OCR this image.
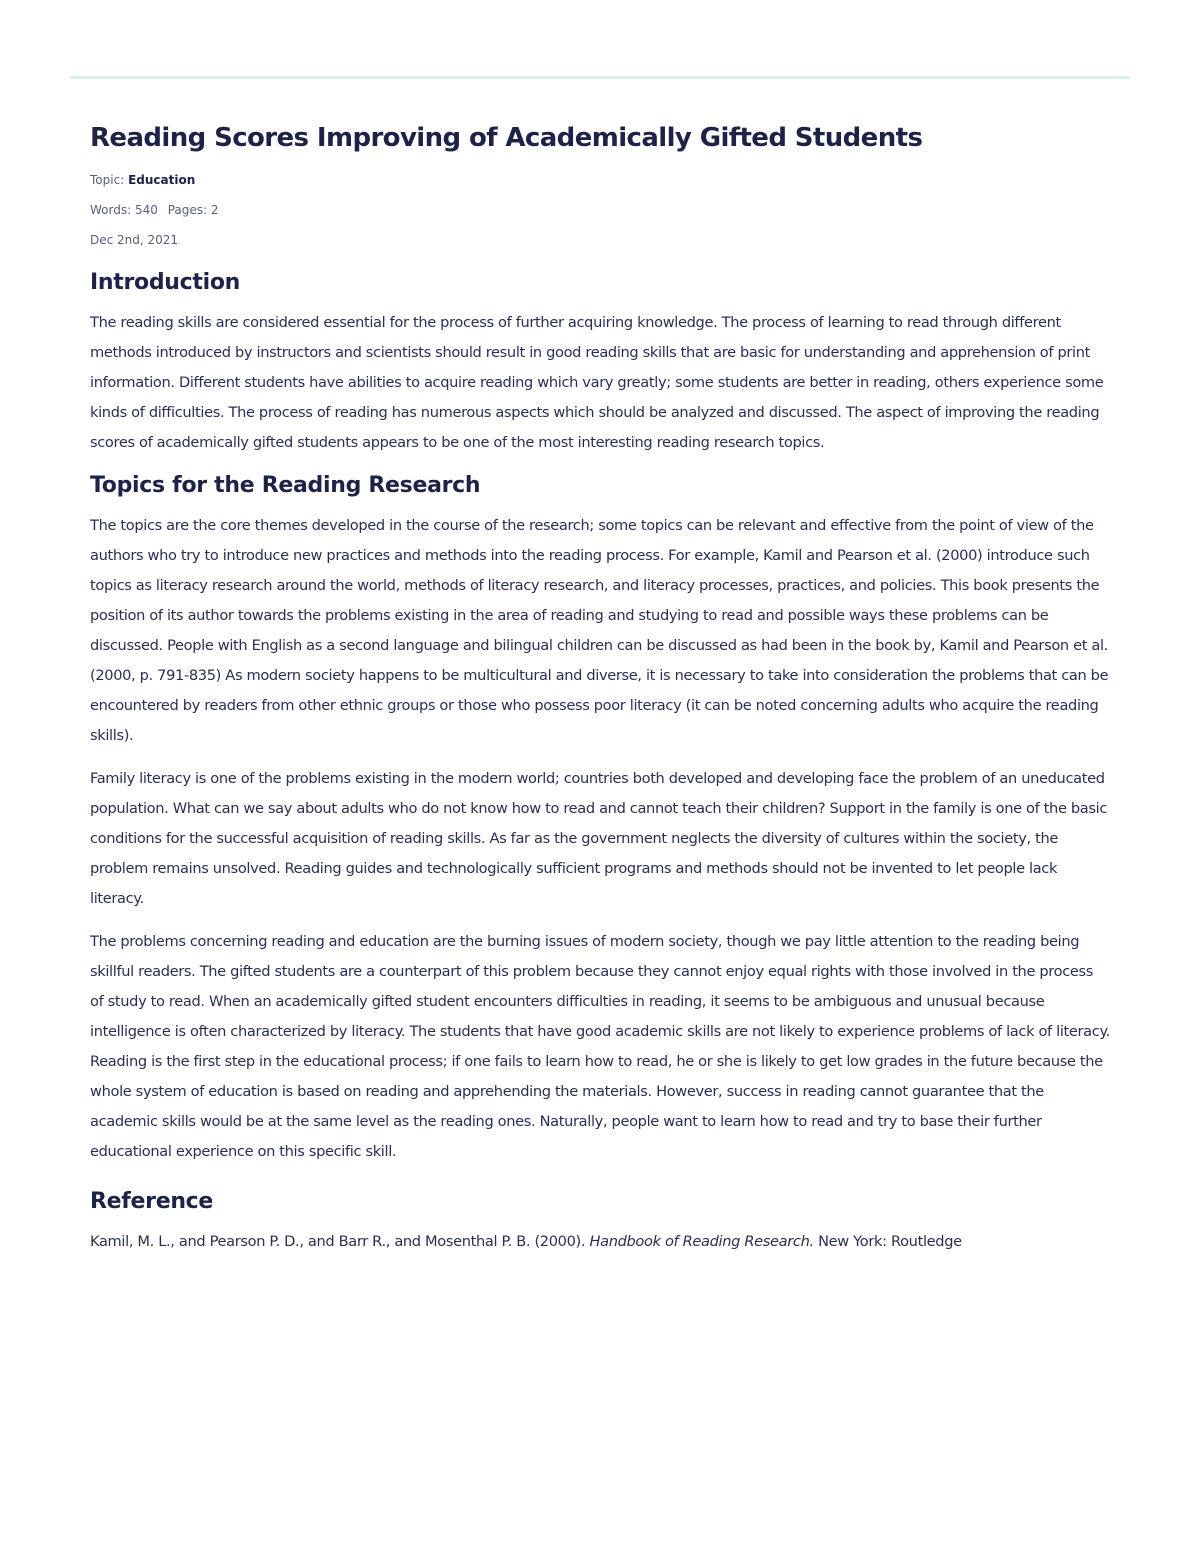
Reading Scores Improving of Academically Gifted Students
Topic: Education
Words: 540 Pages: 2
Dec 2nd, 2021
Introduction

The reading skills are considered essential for the process of further acquiring knowledge. The process of learning to read through different methods introduced by instructors and scientists should result in good reading skills that are basic for understanding and apprehension of print information. Different students have abilities to acquire reading which vary greatly; some students are better in reading, others experience some kinds of difficulties. The process of reading has numerous aspects which should be analyzed and discussed. The aspect of improving the reading scores of academically gifted students appears to be one of the most interesting reading research topics.

Topics for the Reading Research

The topics are the core themes developed in the course of the research; some topics can be relevant and effective from the point of view of the authors who try to introduce new practices and methods into the reading process. For example, Kamil and Pearson et al. (2000) introduce such topics as literacy research around the world, methods of literacy research, and literacy processes, practices, and policies. This book presents the position of its author towards the problems existing in the area of reading and studying to read and possible ways these problems can be discussed. People with English as a second language and bilingual children can be discussed as had been in the book by, Kamil and Pearson et al. (2000, p. 791-835) As modern society happens to be multicultural and diverse, it is necessary to take into consideration the problems that can be encountered by readers from other ethnic groups or those who possess poor literacy (it can be noted concerning adults who acquire the reading skills).

Family literacy is one of the problems existing in the modern world; countries both developed and developing face the problem of an uneducated population. What can we say about adults who do not know how to read and cannot teach their children? Support in the family is one of the basic conditions for the successful acquisition of reading skills. As far as the government neglects the diversity of cultures within the society, the problem remains unsolved. Reading guides and technologically sufficient programs and methods should not be invented to let people lack literacy.

The problems concerning reading and education are the burning issues of modern society, though we pay little attention to the reading being skillful readers. The gifted students are a counterpart of this problem because they cannot enjoy equal rights with those involved in the process of study to read. When an academically gifted student encounters difficulties in reading, it seems to be ambiguous and unusual because intelligence is often characterized by literacy. The students that have good academic skills are not likely to experience problems of lack of literacy. Reading is the first step in the educational process; if one fails to learn how to read, he or she is likely to get low grades in the future because the whole system of education is based on reading and apprehending the materials. However, success in reading cannot guarantee that the academic skills would be at the same level as the reading ones. Naturally, people want to learn how to read and try to base their further educational experience on this specific skill.

Reference

Kamil, M. L., and Pearson P. D., and Barr R., and Mosenthal P. B. (2000). Handbook of Reading Research. New York: Routledge
